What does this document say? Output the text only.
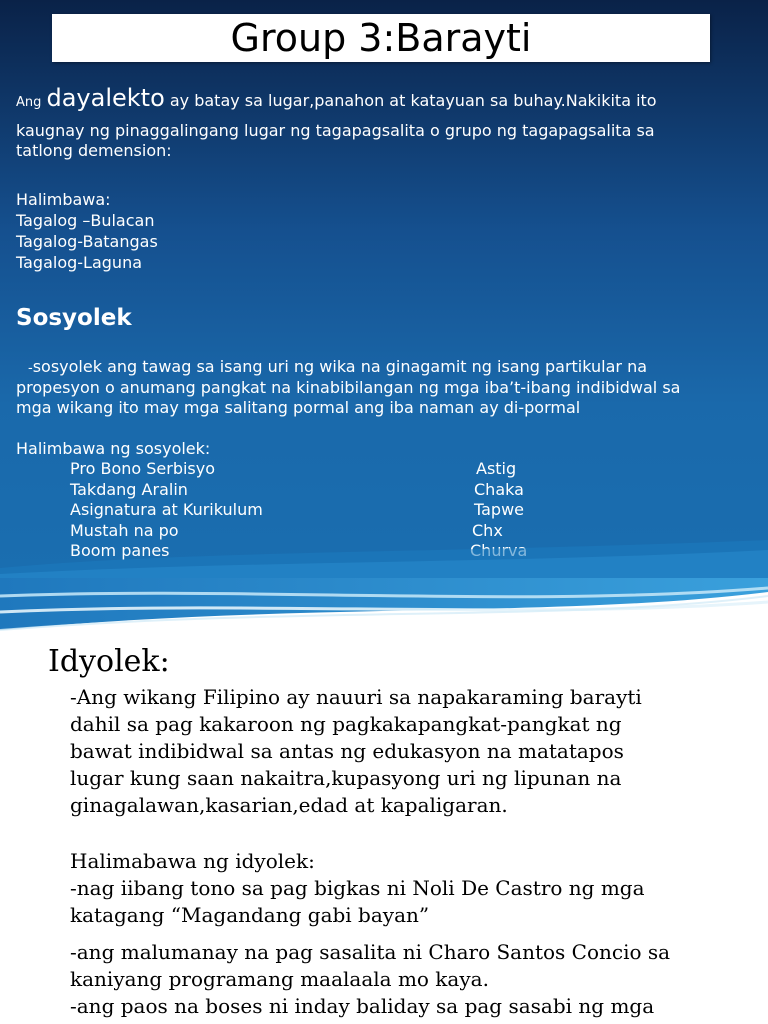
Group 3:Barayti
Ang dayalekto ay batay sa lugar,panahon at katayuan sa buhay.Nakikita ito
kaugnay ng pinaggalingang lugar ng tagapagsalita o grupo ng tagapagsalita sa
tatlong demension:
Halimbawa:
Tagalog –Bulacan
Tagalog-Batangas
Tagalog-Laguna
Sosyolek
-sosyolek ang tawag sa isang uri ng wika na ginagamit ng isang partikular na
propesyon o anumang pangkat na kinabibilangan ng mga iba’t-ibang indibidwal sa
mga wikang ito may mga salitang pormal ang iba naman ay di-pormal
Halimbawa ng sosyolek:
Pro Bono Serbisyo
Takdang Aralin
Asignatura at Kurikulum
Mustah na po
Boom panes
Astig
Chaka
Tapwe
Chx
Idyolek:
-Ang wikang Filipino ay nauuri sa napakaraming barayti
dahil sa pag kakaroon ng pagkakapangkat-pangkat ng
bawat indibidwal sa antas ng edukasyon na matatapos
lugar kung saan nakaitra,kupasyong uri ng lipunan na
ginagalawan,kasarian,edad at kapaligaran.
Halimabawa ng idyolek:
-nag iibang tono sa pag bigkas ni Noli De Castro ng mga
katagang “Magandang gabi bayan”
-ang malumanay na pag sasalita ni Charo Santos Concio sa
kaniyang programang maalaala mo kaya.
-ang paos na boses ni inday baliday sa pag sasabi ng mga
